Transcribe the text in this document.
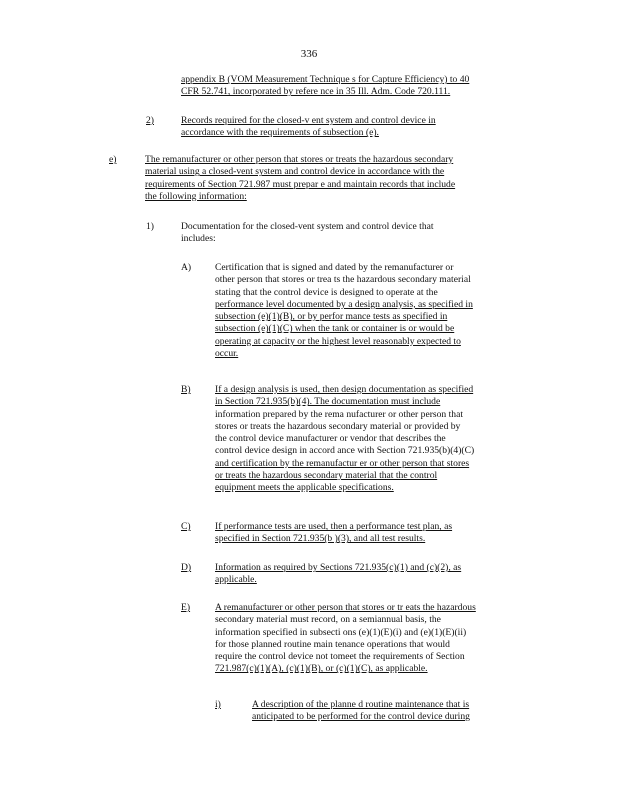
336
appendix B (VOM Measurement Technique s for Capture Efficiency) to 40
CFR 52.741, incorporated by refere nce in 35 Ill. Adm. Code 720.111.
2)	Records required for the closed-v ent system and control device in
accordance with the requirements of subsection (e).
e)	The remanufacturer or other person that stores or treats the hazardous secondary
material using a closed-vent system and control device in accordance with the
requirements of Section 721.987 must prepar e and maintain records that include
the following information:
1)	Documentation for the closed-vent system and control device that
includes:
A) Certification that is signed and dated by the remanufacturer or
other person that stores or trea ts the hazardous secondary material
stating that the control device is designed to operate at the
performance level documented by a design analysis, as specified in
subsection (e)(1)(B), or by perfor mance tests as specified in
subsection (e)(1)(C) when the tank or container is or would be
operating at capacity or the highest level reasonably expected to
occur.
B)	If a design analysis is used, then design documentation as specified
in Section 721.935(b)(4). The documentation must include
information prepared by the rema nufacturer or other person that
stores or treats the hazardous secondary material or provided by
the control device manufacturer or vendor that describes the
control device design in accord ance with Section 721.935(b)(4)(C)
and certification by the remanufactur er or other person that stores
or treats the hazardous secondary material that the control
equipment meets the applicable specifications.
C)	If performance tests are used, then a performance test plan, as
specified in Section 721.935(b )(3), and all test results.
D) Information as required by Sections 721.935(c)(1) and (c)(2), as
applicable.
E)	A remanufacturer or other person that stores or tr eats the hazardous
secondary material must record, on a semiannual basis, the
information specified in subsecti ons (e)(1)(E)(i) and (e)(1)(E)(ii)
for those planned routine main tenance operations that would
require the control device not tomeet the requirements of Section
721.987(c)(1)(A), (c)(1)(B), or (c)(1)(C), as applicable.
i)	A description of the planne d routine maintenance that is
anticipated to be performed for the control device during
